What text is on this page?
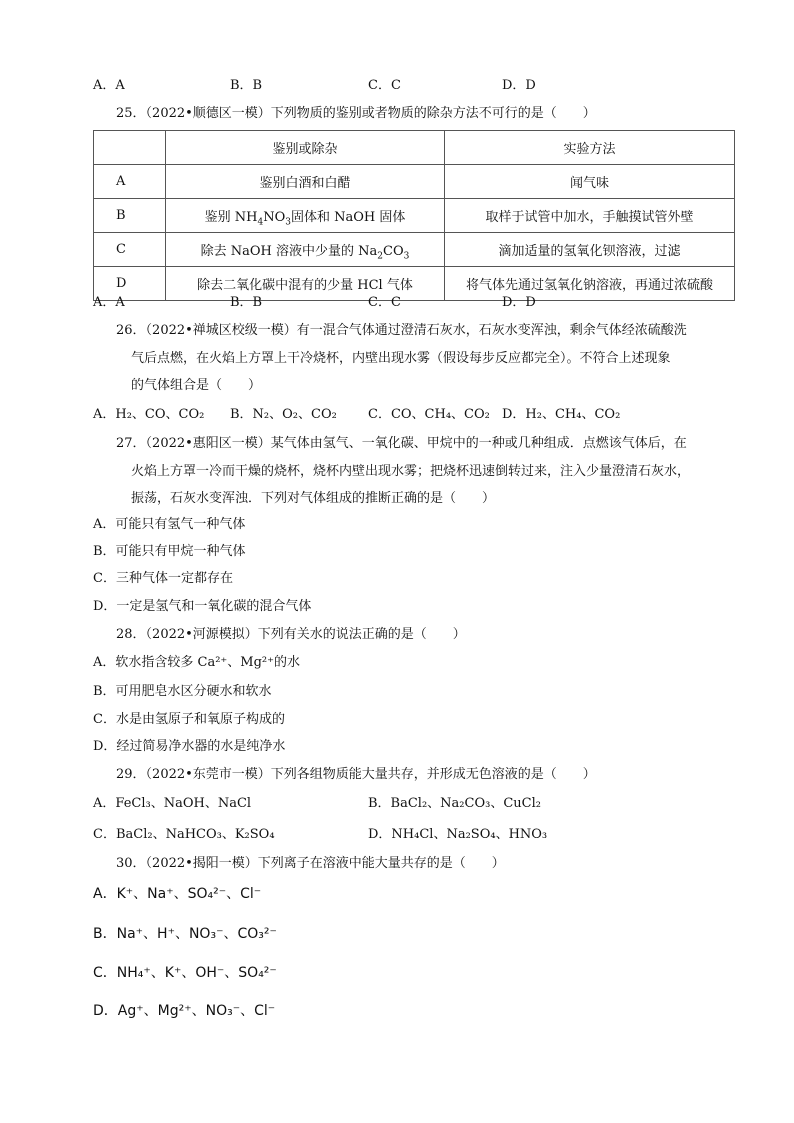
A．A	B．B	C．C	D．D
25．（2022•顺德区一模）下列物质的鉴别或者物质的除杂方法不可行的是（　　）
	鉴别或除杂	实验方法
A	鉴别白酒和白醋	闻气味
B	鉴别 $NH_4NO_3$固体和 NaOH 固体	取样于试管中加水，手触摸试管外壁
C	除去 NaOH 溶液中少量的 $Na_2CO_3$	滴加适量的氢氧化钡溶液，过滤
D	除去二氧化碳中混有的少量 HCl 气体	将气体先通过氢氧化钠溶液，再通过浓硫酸
A．A	B．B	C．C	D．D
26．（2022•禅城区校级一模）有一混合气体通过澄清石灰水，石灰水变浑浊，剩余气体经浓硫酸洗
气后点燃，在火焰上方罩上干冷烧杯，内壁出现水雾（假设每步反应都完全）。不符合上述现象
的气体组合是（　　）
A．H₂、CO、CO₂ B．N₂、O₂、CO₂ C．CO、CH₄、CO₂ D．H₂、CH₄、CO₂
27．（2022•惠阳区一模）某气体由氢气、一氧化碳、甲烷中的一种或几种组成．点燃该气体后，在
火焰上方罩一冷而干燥的烧杯，烧杯内壁出现水雾；把烧杯迅速倒转过来，注入少量澄清石灰水，
振荡，石灰水变浑浊．下列对气体组成的推断正确的是（　　）
A．可能只有氢气一种气体
B．可能只有甲烷一种气体
C．三种气体一定都存在
D．一定是氢气和一氧化碳的混合气体
28．（2022•河源模拟）下列有关水的说法正确的是（　　）
A．软水指含较多 Ca²⁺、Mg²⁺的水
B．可用肥皂水区分硬水和软水
C．水是由氢原子和氧原子构成的
D．经过简易净水器的水是纯净水
29．（2022•东莞市一模）下列各组物质能大量共存，并形成无色溶液的是（　　）
A．FeCl₃、NaOH、NaCl	B．BaCl₂、Na₂CO₃、CuCl₂
C．BaCl₂、NaHCO₃、K₂SO₄	D．NH₄Cl、Na₂SO₄、HNO₃
30．（2022•揭阳一模）下列离子在溶液中能大量共存的是（　　）
A．K⁺、Na⁺、SO₄²⁻、Cl⁻
B．Na⁺、H⁺、NO₃⁻、CO₃²⁻
C．NH₄⁺、K⁺、OH⁻、SO₄²⁻
D．Ag⁺、Mg²⁺、NO₃⁻、Cl⁻
